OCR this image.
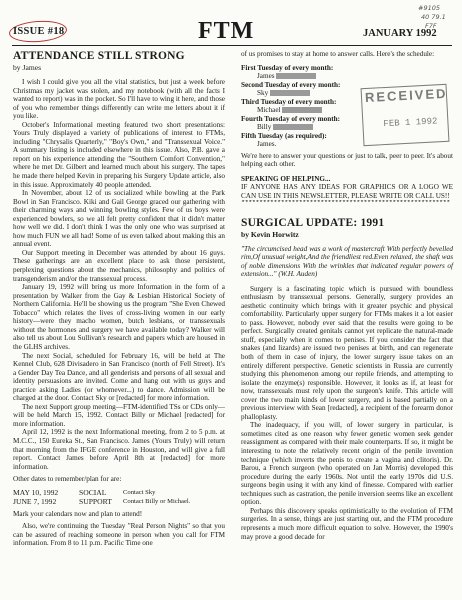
#9105
40 79.1
F7F
ISSUE #18	FTM	JANUARY 1992
ATTENDANCE STILL STRONG
by James

I wish I could give you all the vital statistics, but just a week before Christmas my jacket was stolen, and my notebook (with all the facts I wanted to report) was in the pocket. So I'll have to wing it here, and those of you who remember things differently can write me letters about it if you like.

October's Informational meeting featured two short presentations: Yours Truly displayed a variety of publications of interest to FTMs, including "Chrysalis Quarterly," "Boy's Own," and "Transsexual Voice." A summary listing is included elsewhere in this issue. Also, P.B. gave a report on his experience attending the "Southern Comfort Convention," where he met Dr. Gilbert and learned much about his surgery. The tapes he made there helped Kevin in preparing his Surgery Update article, also in this issue. Approximately 40 people attended.

In November, about 12 of us socialized while bowling at the Park Bowl in San Francisco. Kiki and Gail George graced our gathering with their charming ways and winning bowling styles. Few of us boys were experienced bowlers, so we all felt pretty confident that it didn't matter how well we did. I don't think I was the only one who was surprised at how much FUN we all had! Some of us even talked about making this an annual event.

Our Support meeting in December was attended by about 16 guys. These gatherings are an excellent place to ask those persistent, perplexing questions about the mechanics, philosophy and politics of transgenderism and/or the transsexual process.

January 19, 1992 will bring us more Information in the form of a presentation by Walker from the Gay & Lesbian Historical Society of Northern California. He'll be showing us the program "She Even Chewed Tobacco" which relates the lives of cross-living women in our early history—were they macho women, butch lesbians, or transsexuals without the hormones and surgery we have available today? Walker will also tell us about Lou Sullivan's research and papers which are housed in the GLHS archives.

The next Social, scheduled for February 16, will be held at The Kennel Club, 628 Divisadero in San Francisco (north of Fell Street). It's a Gender Day Tea Dance, and all genderists and persons of all sexual and identity persuasions are invited. Come and hang out with us guys and practice asking Ladies (or whomever...) to dance. Admission will be charged at the door. Contact Sky or [redacted] for more information.

The next Support group meeting—FTM-identified TSs or CDs only—will be held March 15, 1992. Contact Billy or Michael [redacted] for more information.

April 12, 1992 is the next Informational meeting, from 2 to 5 p.m. at M.C.C., 150 Eureka St., San Francisco. James (Yours Truly) will return that morning from the IFGE conference in Houston, and will give a full report. Contact James before April 8th at [redacted] for more information.

Other dates to remember/plan for are:

MAY 10, 1992	SOCIAL	Contact Sky
JUNE 7, 1992	SUPPORT	Contact Billy or Michael.

Mark your calendars now and plan to attend!

Also, we're continuing the Tuesday "Real Person Nights" so that you can be assured of reaching someone in person when you call for FTM information. From 8 to 11 p.m. Pacific Time one

of us promises to stay at home to answer calls. Here's the schedule:

First Tuesday of every month:
James
Second Tuesday of every month:
Sky
Third Tuesday of every month:
Michael
Fourth Tuesday of every month:
Billy
Fifth Tuesday (as required):
James.

We're here to answer your questions or just to talk, peer to peer. It's about helping each other.

SPEAKING OF HELPING...
IF ANYONE HAS ANY IDEAS FOR GRAPHICS OR A LOGO WE CAN USE IN THIS NEWSLETTER, PLEASE WRITE OR CALL US!!
**********************************************************
SURGICAL UPDATE: 1991
by Kevin Horwitz
"The circumcised head was a work of mastercraft With perfectly bevelled rim,Of unusual weight,And the friendliest red.Even relaxed, the shaft was of noble dimensions With the wrinkles that indicated regular powers of extension..." (W.H. Auden)

Surgery is a fascinating topic which is pursued with boundless enthusiasm by transsexual persons. Generally, surgery provides an aesthetic continuity which brings with it greater psychic and physical comfortability. Particularly upper surgery for FTMs makes it a lot easier to pass. However, nobody ever said that the results were going to be perfect. Surgically created genitals cannot yet replicate the natural-made stuff, especially when it comes to penises. If you consider the fact that snakes (and lizards) are issued two penises at birth, and can regenerate both of them in case of injury, the lower surgery issue takes on an entirely different perspective. Genetic scientists in Russia are currently studying this phenomenon among our reptile friends, and attempting to isolate the enzyme(s) responsible. However, it looks as if, at least for now, transsexuals must rely upon the surgeon's knife. This article will cover the two main kinds of lower surgery, and is based partially on a previous interview with Sean [redacted], a recipient of the forearm donor phalloplasty.

The inadequacy, if you will, of lower surgery in particular, is sometimes cited as one reason why fewer genetic women seek gender reassignment as compared with their male counterparts. If so, it might be interesting to note the relatively recent origin of the penile invention technique (which inverts the penis to create a vagina and clitoris). Dr. Barou, a French surgeon (who operated on Jan Morris) developed this procedure during the early 1960s. Not until the early 1970s did U.S. surgeons begin using it with any kind of finesse. Compared with earlier techniques such as castration, the penile inversion seems like an excellent option.

Perhaps this discovery speaks optimistically to the evolution of FTM surgeries. In a sense, things are just starting out, and the FTM procedure represents a much more difficult equation to solve. However, the 1990's may prove a good decade for

RECEIVED
FEB 1 1992
